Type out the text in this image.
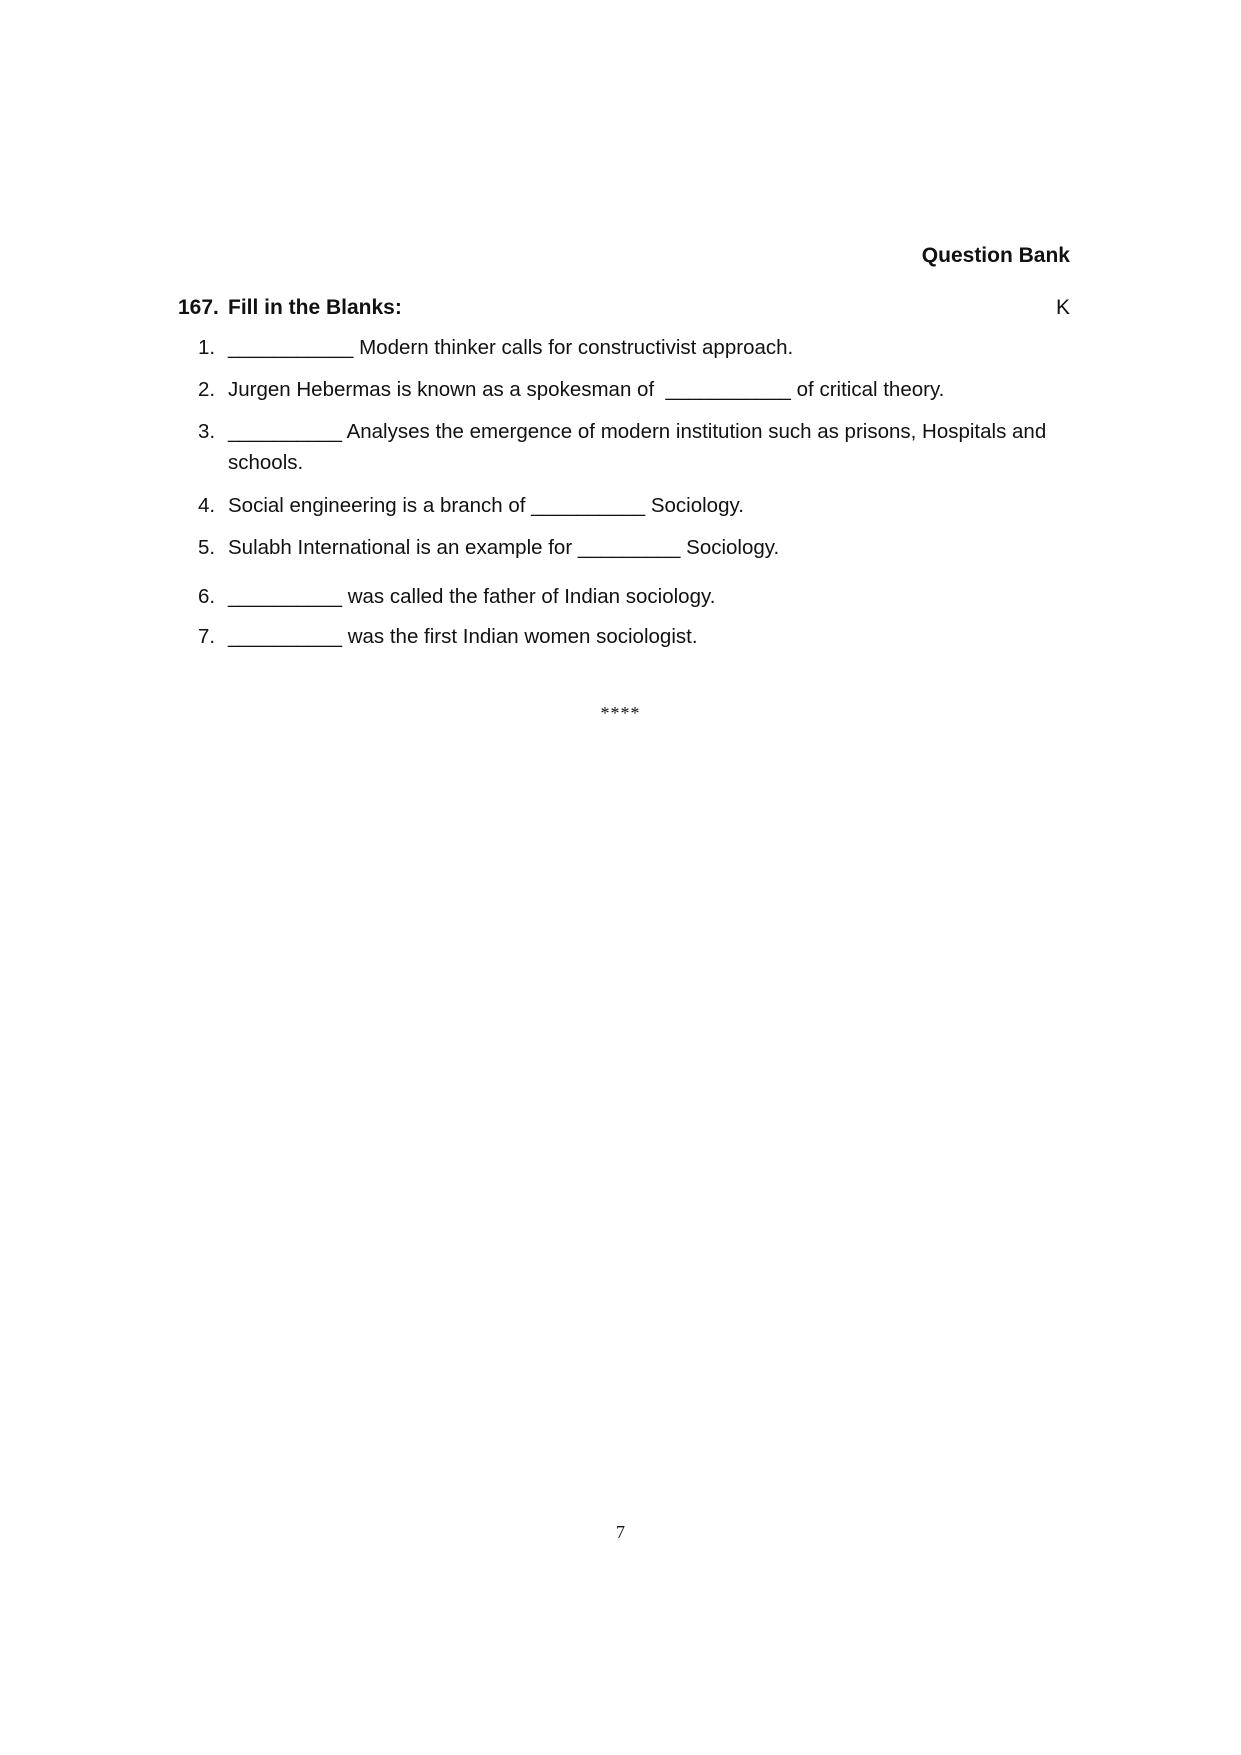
Question Bank
167. Fill in the Blanks:	K
1. ___________ Modern thinker calls for constructivist approach.
2. Jurgen Hebermas is known as a spokesman of  ___________ of critical theory.
3. __________ Analyses the emergence of modern institution such as prisons, Hospitals and schools.
4. Social engineering is a branch of __________ Sociology.
5. Sulabh International is an example for _________ Sociology.
6. __________ was called the father of Indian sociology.
7. __________ was the first Indian women sociologist.
****
7
